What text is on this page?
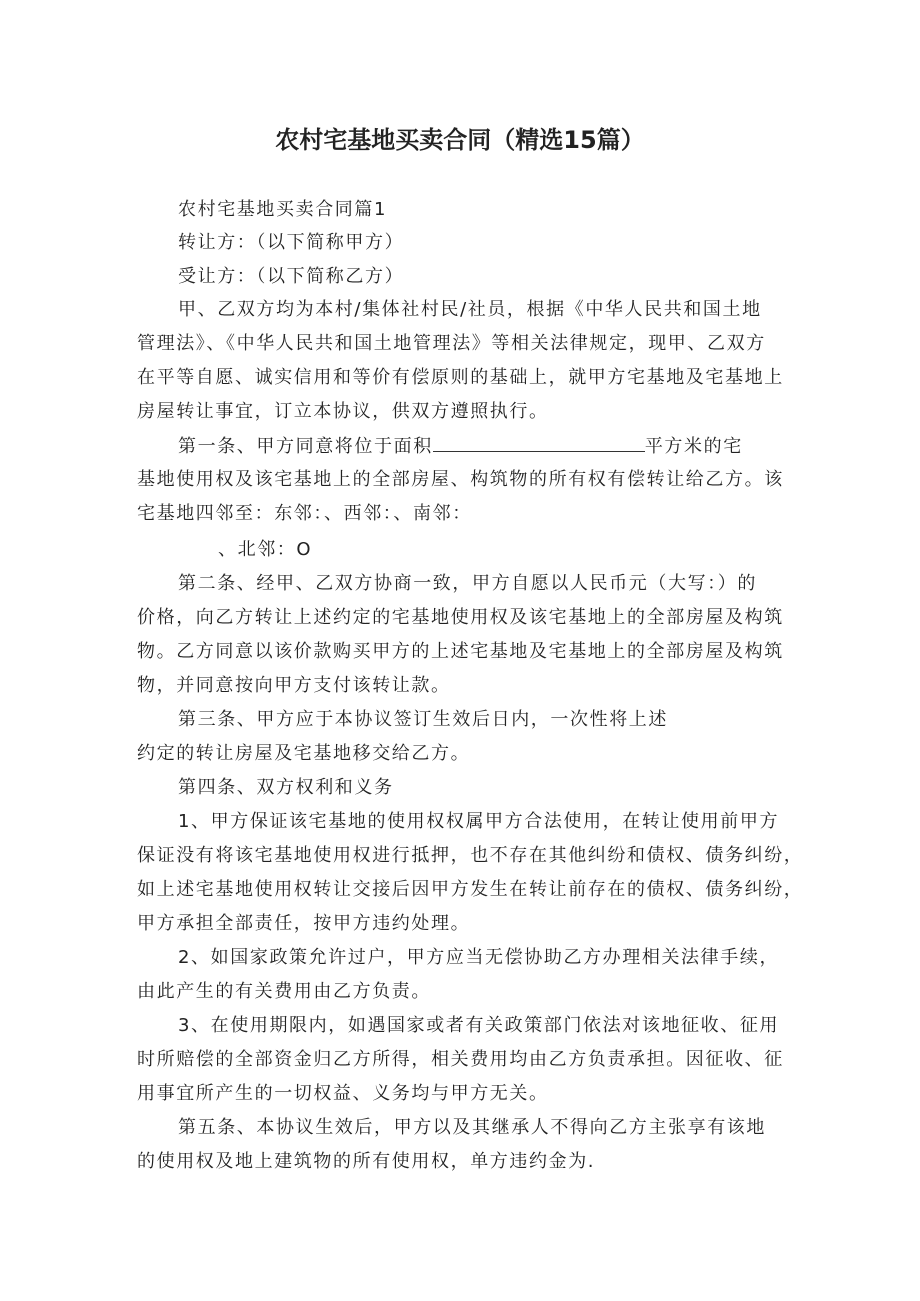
农村宅基地买卖合同（精选15篇）
农村宅基地买卖合同篇1
转让方：（以下简称甲方）
受让方：（以下简称乙方）
甲、乙双方均为本村/集体社村民/社员，根据《中华人民共和国土地
管理法》、《中华人民共和国土地管理法》等相关法律规定，现甲、乙双方
在平等自愿、诚实信用和等价有偿原则的基础上，就甲方宅基地及宅基地上
房屋转让事宜，订立本协议，供双方遵照执行。
第一条、甲方同意将位于面积	平方米的宅
基地使用权及该宅基地上的全部房屋、构筑物的所有权有偿转让给乙方。该
宅基地四邻至：东邻：、西邻：、南邻：
、北邻：O
第二条、经甲、乙双方协商一致，甲方自愿以人民币元（大写：）的
价格，向乙方转让上述约定的宅基地使用权及该宅基地上的全部房屋及构筑
物。乙方同意以该价款购买甲方的上述宅基地及宅基地上的全部房屋及构筑
物，并同意按向甲方支付该转让款。
第三条、甲方应于本协议签订生效后日内，一次性将上述
约定的转让房屋及宅基地移交给乙方。
第四条、双方权利和义务
1、甲方保证该宅基地的使用权权属甲方合法使用，在转让使用前甲方
保证没有将该宅基地使用权进行抵押，也不存在其他纠纷和债权、债务纠纷，
如上述宅基地使用权转让交接后因甲方发生在转让前存在的债权、债务纠纷，
甲方承担全部责任，按甲方违约处理。
2、如国家政策允许过户，甲方应当无偿协助乙方办理相关法律手续，
由此产生的有关费用由乙方负责。
3、在使用期限内，如遇国家或者有关政策部门依法对该地征收、征用
时所赔偿的全部资金归乙方所得，相关费用均由乙方负责承担。因征收、征
用事宜所产生的一切权益、义务均与甲方无关。
第五条、本协议生效后，甲方以及其继承人不得向乙方主张享有该地
的使用权及地上建筑物的所有使用权，单方违约金为.
